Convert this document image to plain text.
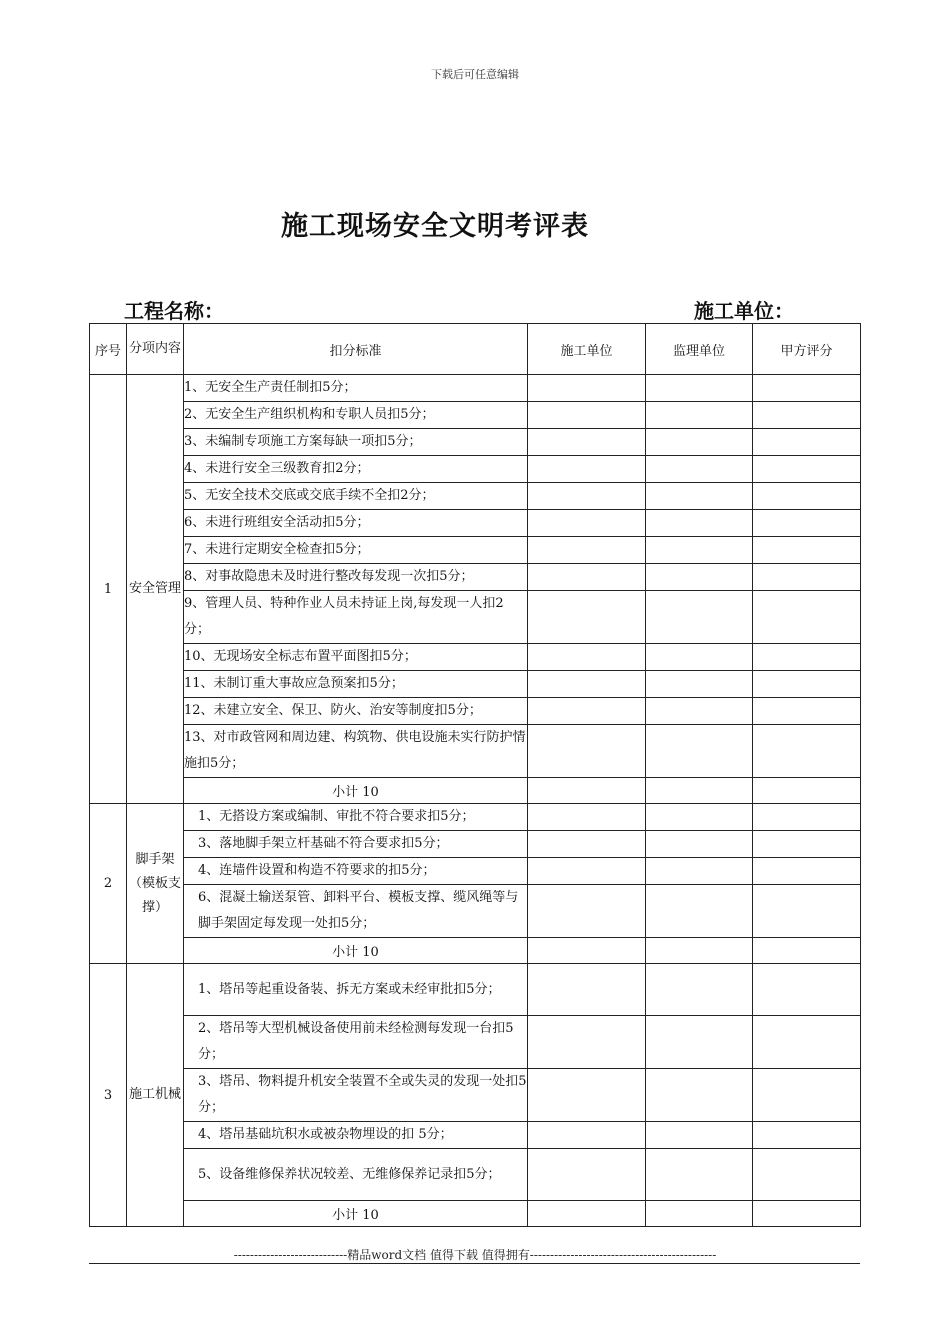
下载后可任意编辑
施工现场安全文明考评表
工程名称：	施工单位：
序号	分项内容	扣分标准	施工单位	监理单位	甲方评分
1	安全管理	1、无安全生产责任制扣5分；			
		2、无安全生产组织机构和专职人员扣5分；			
		3、未编制专项施工方案每缺一项扣5分；			
		4、未进行安全三级教育扣2分；			
		5、无安全技术交底或交底手续不全扣2分；			
		6、未进行班组安全活动扣5分；			
		7、未进行定期安全检查扣5分；			
		8、对事故隐患未及时进行整改每发现一次扣5分；			
		9、管理人员、特种作业人员未持证上岗,每发现一人扣2分；			
		10、无现场安全标志布置平面图扣5分；			
		11、未制订重大事故应急预案扣5分；			
		12、未建立安全、保卫、防火、治安等制度扣5分；			
		13、对市政管网和周边建、构筑物、供电设施未实行防护情施扣5分；			
		小计 10			
2	脚手架（模板支撑）	1、无搭设方案或编制、审批不符合要求扣5分；			
		3、落地脚手架立杆基础不符合要求扣5分；			
		4、连墙件设置和构造不符要求的扣5分；			
		6、混凝土输送泵管、卸料平台、模板支撑、缆风绳等与脚手架固定每发现一处扣5分；			
		小计 10			
3	施工机械	1、塔吊等起重设备装、拆无方案或未经审批扣5分；			
		2、塔吊等大型机械设备使用前未经检测每发现一台扣5分；			
		3、塔吊、物料提升机安全装置不全或失灵的发现一处扣5分；			
		4、塔吊基础坑积水或被杂物埋设的扣 5分；			
		5、设备维修保养状况较差、无维修保养记录扣5分；			
		小计 10			
----------------------------精品word文档 值得下载 值得拥有----------------------------------------------
